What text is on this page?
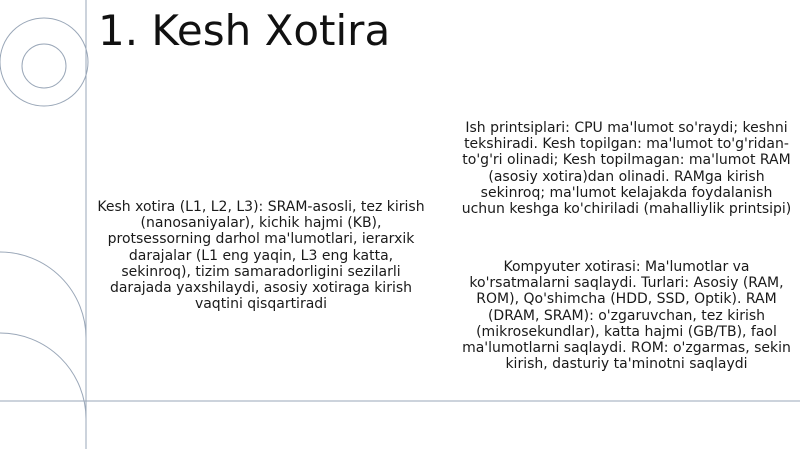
1. Kesh Xotira

Kesh xotira (L1, L2, L3): SRAM-asosli, tez kirish (nanosaniyalar), kichik hajmi (KB), protsessorning darhol ma'lumotlari, ierarxik darajalar (L1 eng yaqin, L3 eng katta, sekinroq), tizim samaradorligini sezilarli darajada yaxshilaydi, asosiy xotiraga kirish vaqtini qisqartiradi

Ish printsiplari: CPU ma'lumot so'raydi; keshni tekshiradi. Kesh topilgan: ma'lumot to'g'ridan-to'g'ri olinadi; Kesh topilmagan: ma'lumot RAM (asosiy xotira)dan olinadi. RAMga kirish sekinroq; ma'lumot kelajakda foydalanish uchun keshga ko'chiriladi (mahalliylik printsipi)

Kompyuter xotirasi: Ma'lumotlar va ko'rsatmalarni saqlaydi. Turlari: Asosiy (RAM, ROM), Qo'shimcha (HDD, SSD, Optik). RAM (DRAM, SRAM): o'zgaruvchan, tez kirish (mikrosekundlar), katta hajmi (GB/TB), faol ma'lumotlarni saqlaydi. ROM: o'zgarmas, sekin kirish, dasturiy ta'minotni saqlaydi
